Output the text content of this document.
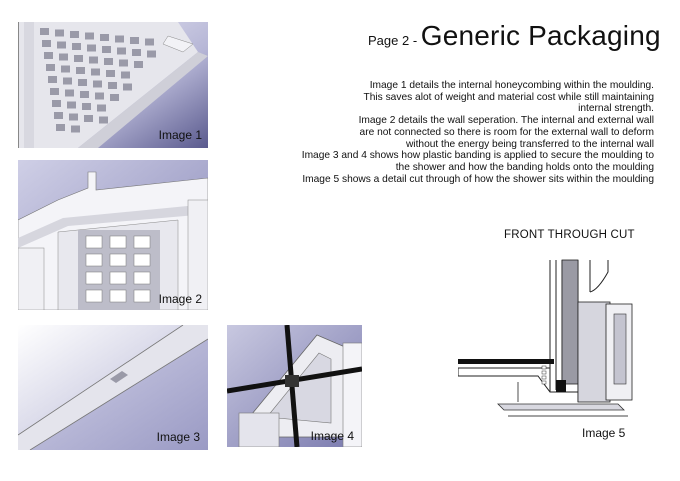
Image 1
Image 2
Image 3	Image 4
Page 2 - Generic Packaging

Image 1 details the internal honeycombing within the moulding.

This saves alot of weight and material cost while still maintaining

internal strength.

Image 2 details the wall seperation. The internal and external wall

are not connected so there is room for the external wall to deform

without the energy being transferred to the internal wall

Image 3 and 4 shows how plastic banding is applied to secure the moulding to

the shower and how the banding holds onto the moulding

Image 5 shows a detail cut through of how the shower sits within the moulding

FRONT THROUGH CUT
Image 5
